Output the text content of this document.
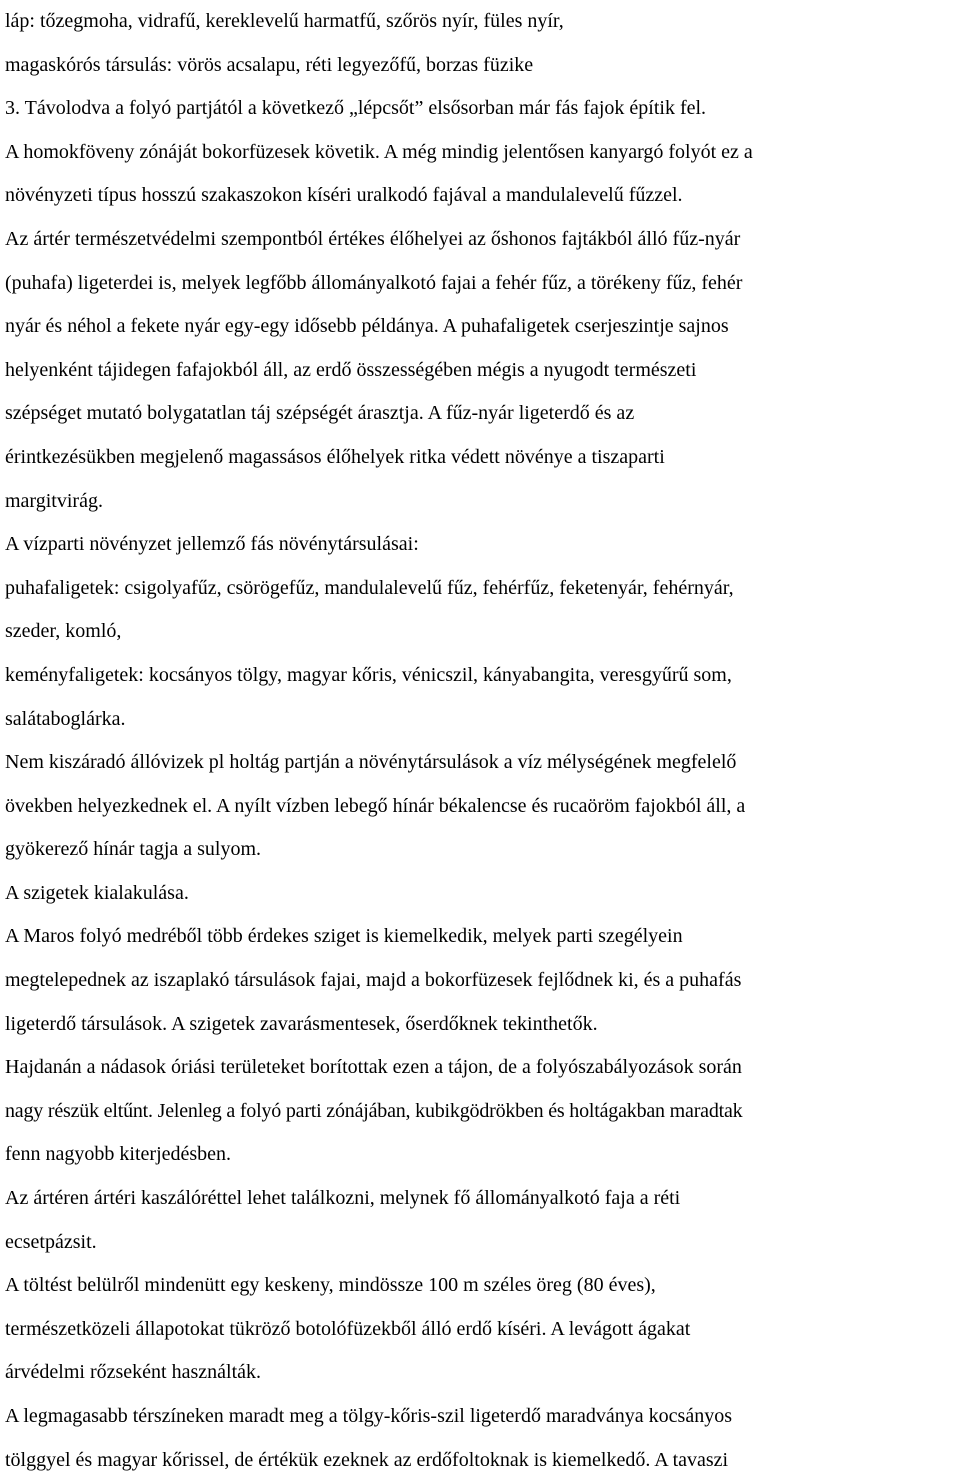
láp: tőzegmoha, vidrafű, kereklevelű harmatfű, szőrös nyír, füles nyír,
magaskórós társulás: vörös acsalapu, réti legyezőfű, borzas füzike
3. Távolodva a folyó partjától a következő „lépcsőt” elsősorban már fás fajok építik fel.
A homokföveny zónáját bokorfüzesek követik. A még mindig jelentősen kanyargó folyót ez a
növényzeti típus hosszú szakaszokon kíséri uralkodó fajával a mandulalevelű fűzzel.
Az ártér természetvédelmi szempontból értékes élőhelyei az őshonos fajtákból álló fűz-nyár
(puhafa) ligeterdei is, melyek legfőbb állományalkotó fajai a fehér fűz, a törékeny fűz, fehér
nyár és néhol a fekete nyár egy-egy idősebb példánya. A puhafaligetek cserjeszintje sajnos
helyenként tájidegen fafajokból áll, az erdő összességében mégis a nyugodt természeti
szépséget mutató bolygatatlan táj szépségét árasztja. A fűz-nyár ligeterdő és az
érintkezésükben megjelenő magassásos élőhelyek ritka védett növénye a tiszaparti
margitvirág.
A vízparti növényzet jellemző fás növénytársulásai:
puhafaligetek: csigolyafűz, csörögefűz, mandulalevelű fűz, fehérfűz, feketenyár, fehérnyár,
szeder, komló,
keményfaligetek: kocsányos tölgy, magyar kőris, vénicszil, kányabangita, veresgyűrű som,
salátaboglárka.
Nem kiszáradó állóvizek pl holtág partján a növénytársulások a víz mélységének megfelelő
övekben helyezkednek el. A nyílt vízben lebegő hínár békalencse és rucaöröm fajokból áll, a
gyökerező hínár tagja a sulyom.
A szigetek kialakulása.
A Maros folyó medréből több érdekes sziget is kiemelkedik, melyek parti szegélyein
megtelepednek az iszaplakó társulások fajai, majd a bokorfüzesek fejlődnek ki, és a puhafás
ligeterdő társulások. A szigetek zavarásmentesek, őserdőknek tekinthetők.
Hajdanán a nádasok óriási területeket borítottak ezen a tájon, de a folyószabályozások során
nagy részük eltűnt. Jelenleg a folyó parti zónájában, kubikgödrökben és holtágakban maradtak
fenn nagyobb kiterjedésben.
Az ártéren ártéri kaszálóréttel lehet találkozni, melynek fő állományalkotó faja a réti
ecsetpázsit.
A töltést belülről mindenütt egy keskeny, mindössze 100 m széles öreg (80 éves),
természetközeli állapotokat tükröző botolófüzekből álló erdő kíséri. A levágott ágakat
árvédelmi rőzseként használták.
A legmagasabb térszíneken maradt meg a tölgy-kőris-szil ligeterdő maradványa kocsányos
tölggyel és magyar kőrissel, de értékük ezeknek az erdőfoltoknak is kiemelkedő. A tavaszi
